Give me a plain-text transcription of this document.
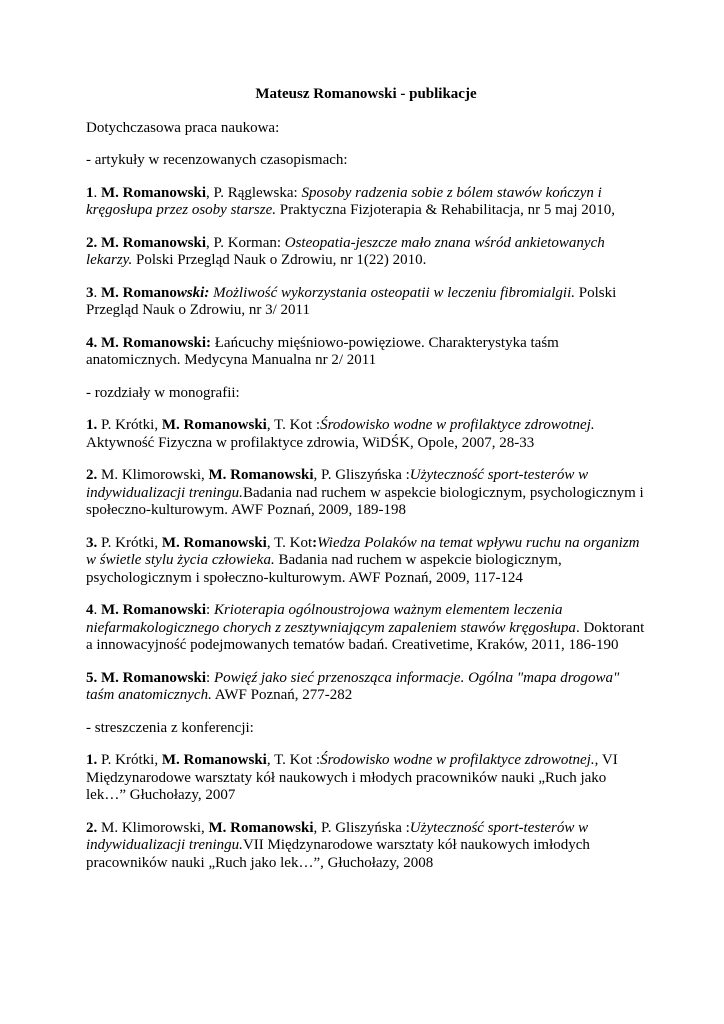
Mateusz Romanowski - publikacje

Dotychczasowa praca naukowa:

- artykuły w recenzowanych czasopismach:

1. M. Romanowski, P. Rąglewska: Sposoby radzenia sobie z bólem stawów kończyn i kręgosłupa przez osoby starsze. Praktyczna Fizjoterapia & Rehabilitacja, nr 5 maj 2010,

2. M. Romanowski, P. Korman: Osteopatia-jeszcze mało znana wśród ankietowanych lekarzy. Polski Przegląd Nauk o Zdrowiu, nr 1(22) 2010.

3. M. Romanowski: Możliwość wykorzystania osteopatii w leczeniu fibromialgii. Polski Przegląd Nauk o Zdrowiu, nr 3/ 2011

4. M. Romanowski: Łańcuchy mięśniowo-powięziowe. Charakterystyka taśm anatomicznych. Medycyna Manualna nr 2/ 2011

- rozdziały w monografii:

1. P. Krótki, M. Romanowski, T. Kot :Środowisko wodne w profilaktyce zdrowotnej. Aktywność Fizyczna w profilaktyce zdrowia, WiDŚK, Opole, 2007, 28-33

2. M. Klimorowski, M. Romanowski, P. Gliszyńska :Użyteczność sport-testerów w indywidualizacji treningu.Badania nad ruchem w aspekcie biologicznym, psychologicznym i społeczno-kulturowym. AWF Poznań, 2009, 189-198

3. P. Krótki, M. Romanowski, T. Kot:Wiedza Polaków na temat wpływu ruchu na organizm w świetle stylu życia człowieka. Badania nad ruchem w aspekcie biologicznym, psychologicznym i społeczno-kulturowym. AWF Poznań, 2009, 117-124

4. M. Romanowski: Krioterapia ogólnoustrojowa ważnym elementem leczenia niefarmakologicznego chorych z zesztywniającym zapaleniem stawów kręgosłupa. Doktorant a innowacyjność podejmowanych tematów badań. Creativetime, Kraków, 2011, 186-190

5. M. Romanowski: Powięź jako sieć przenosząca informacje. Ogólna "mapa drogowa" taśm anatomicznych. AWF Poznań, 277-282

- streszczenia z konferencji:

1. P. Krótki, M. Romanowski, T. Kot :Środowisko wodne w profilaktyce zdrowotnej., VI Międzynarodowe warsztaty kół naukowych i młodych pracowników nauki „Ruch jako lek…” Głuchołazy, 2007

2. M. Klimorowski, M. Romanowski, P. Gliszyńska :Użyteczność sport-testerów w indywidualizacji treningu.VII Międzynarodowe warsztaty kół naukowych imłodych pracowników nauki „Ruch jako lek…”, Głuchołazy, 2008
